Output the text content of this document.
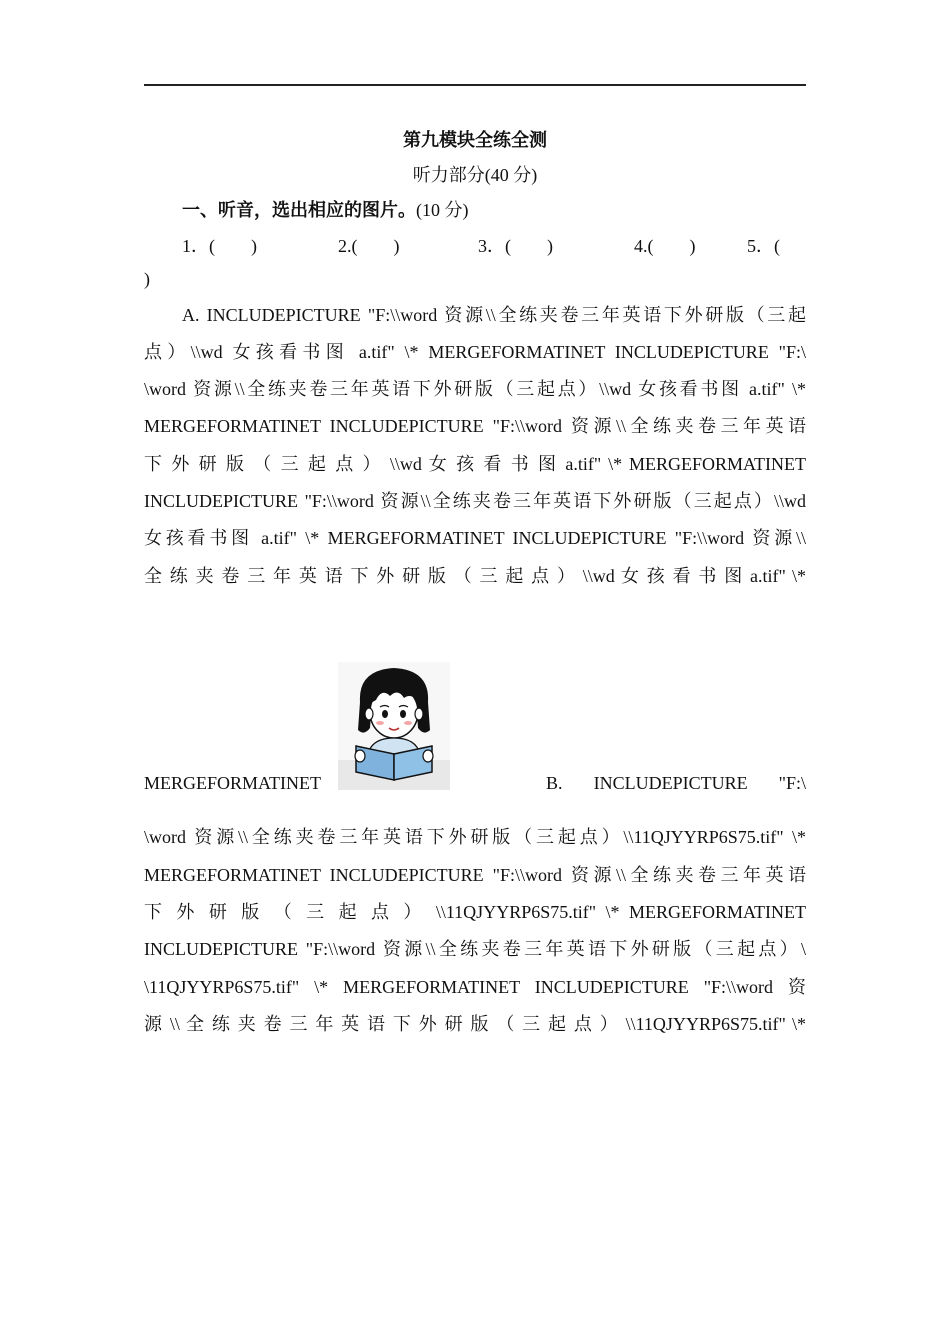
第九模块全练全测
听力部分(40 分)
一、听音，选出相应的图片。(10 分)
1．(　　)	2.(　　)	3．(　　)	4.(　　)	5．(
)
A. INCLUDEPICTURE "F:\\word 资源\\全练夹卷三年英语下外研版（三起
点）\\wd 女孩看书图 a.tif" \* MERGEFORMATINET INCLUDEPICTURE "F:\
\word 资源\\全练夹卷三年英语下外研版（三起点）\\wd 女孩看书图 a.tif" \*
MERGEFORMATINET INCLUDEPICTURE "F:\\word 资源\\全练夹卷三年英语
下 外 研 版 （ 三 起 点 ） \\wd 女 孩 看 书 图 a.tif" \* MERGEFORMATINET
INCLUDEPICTURE "F:\\word 资源\\全练夹卷三年英语下外研版（三起点）\\wd
女孩看书图 a.tif" \* MERGEFORMATINET INCLUDEPICTURE "F:\\word 资源\\
全 练 夹 卷 三 年 英 语 下 外 研 版 （ 三 起 点 ） \\wd 女 孩 看 书 图 a.tif" \*
MERGEFORMATINET	B. INCLUDEPICTURE "F:\
\word 资源\\全练夹卷三年英语下外研版（三起点）\\11QJYYRP6S75.tif" \*
MERGEFORMATINET INCLUDEPICTURE "F:\\word 资源\\全练夹卷三年英语
下 外 研 版 （ 三 起 点 ） \\11QJYYRP6S75.tif" \* MERGEFORMATINET
INCLUDEPICTURE "F:\\word 资源\\全练夹卷三年英语下外研版（三起点）\
\11QJYYRP6S75.tif" \* MERGEFORMATINET INCLUDEPICTURE "F:\\word 资
源 \\ 全 练 夹 卷 三 年 英 语 下 外 研 版 （ 三 起 点 ） \\11QJYYRP6S75.tif" \*
